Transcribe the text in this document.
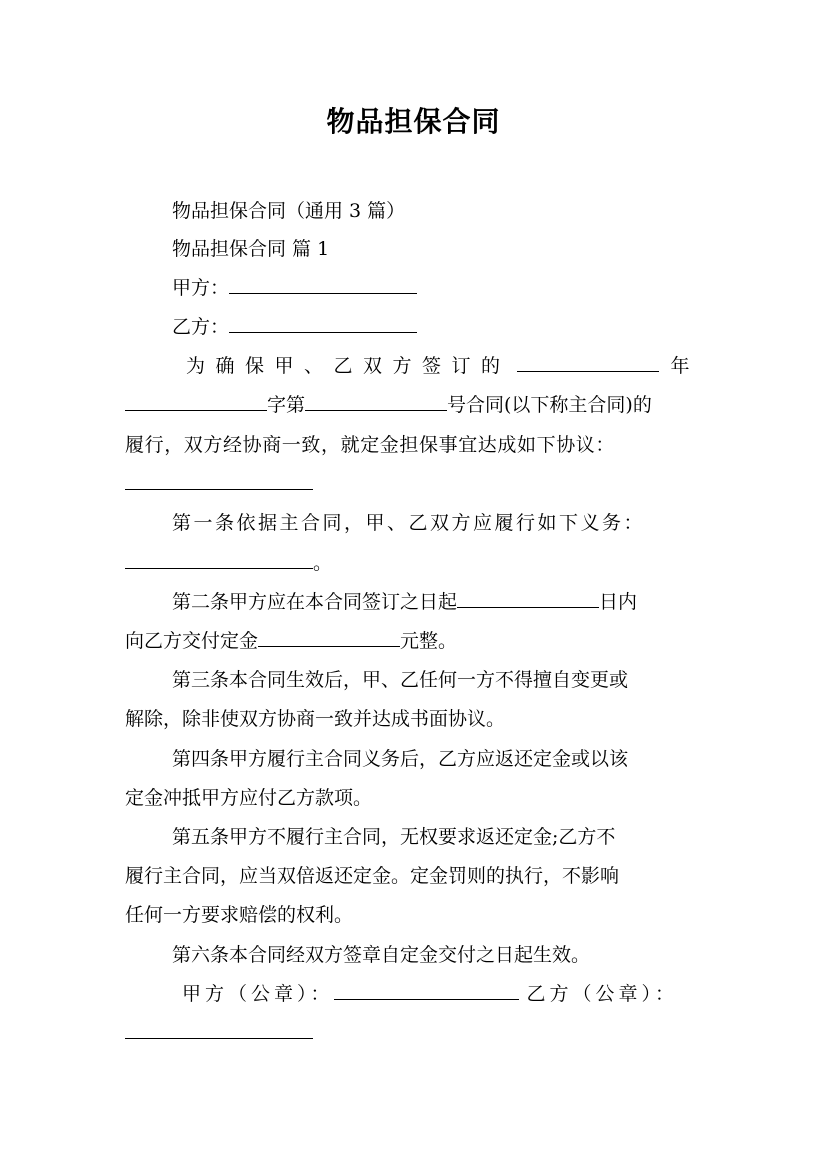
物品担保合同
物品担保合同（通用 3 篇）
物品担保合同 篇 1
甲方：
乙方：
为确保甲、乙双方签订的	年
字第	号合同(以下称主合同)的
履行，双方经协商一致，就定金担保事宜达成如下协议：
第一条依据主合同，甲、乙双方应履行如下义务：
。
第二条甲方应在本合同签订之日起	日内
向乙方交付定金	元整。
第三条本合同生效后，甲、乙任何一方不得擅自变更或
解除，除非使双方协商一致并达成书面协议。
第四条甲方履行主合同义务后，乙方应返还定金或以该
定金冲抵甲方应付乙方款项。
第五条甲方不履行主合同，无权要求返还定金;乙方不
履行主合同，应当双倍返还定金。定金罚则的执行，不影响
任何一方要求赔偿的权利。
第六条本合同经双方签章自定金交付之日起生效。
甲方（公章）：	乙方（公章）：
